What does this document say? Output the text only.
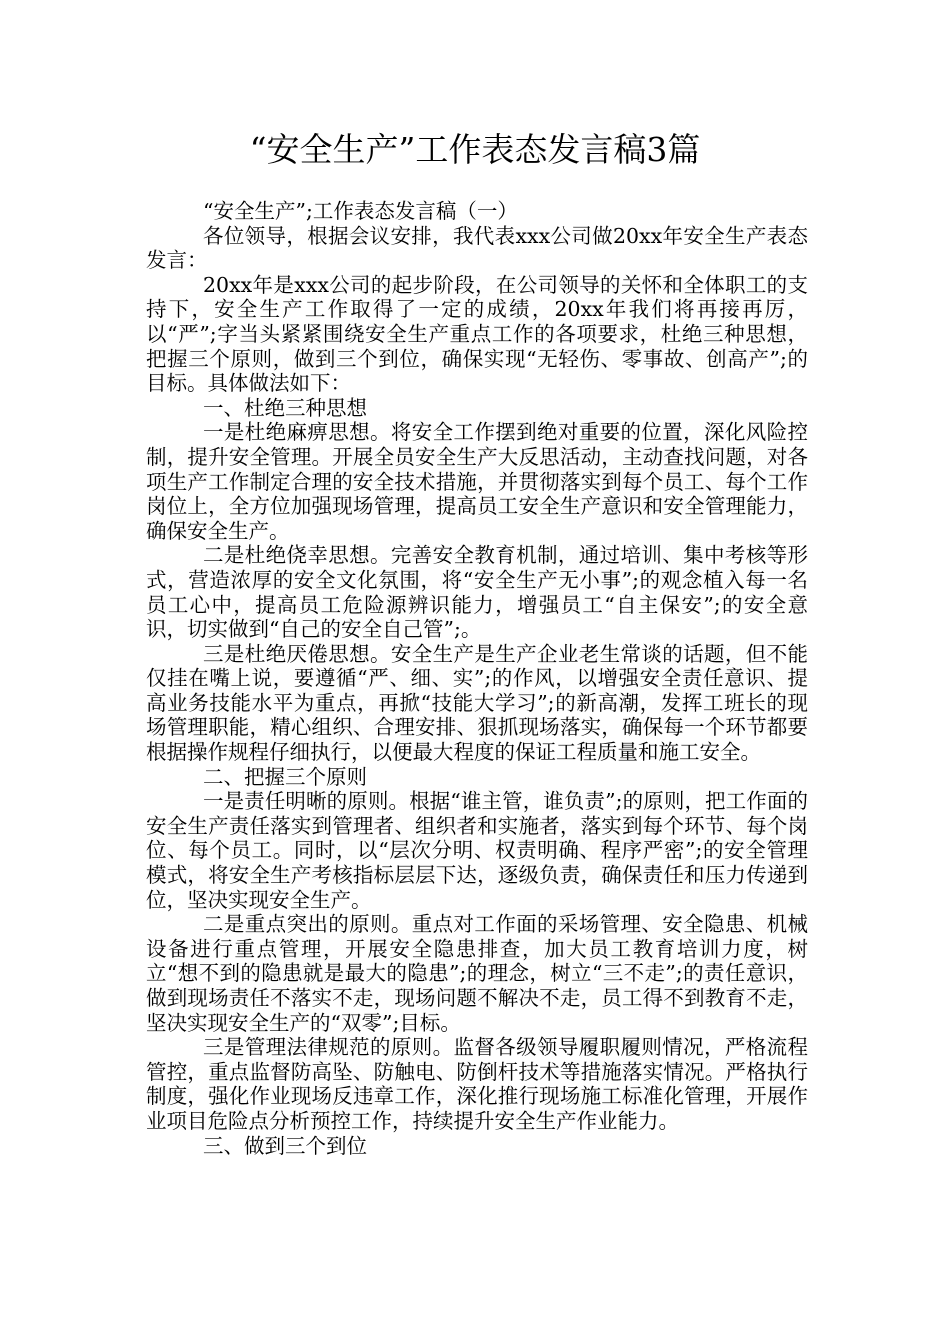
“安全生产”工作表态发言稿3篇

“安全生产”;工作表态发言稿（一）

各位领导，根据会议安排，我代表xxx公司做20xx年安全生产表态发言：

20xx年是xxx公司的起步阶段，在公司领导的关怀和全体职工的支持下，安全生产工作取得了一定的成绩，20xx年我们将再接再厉，以“严”;字当头紧紧围绕安全生产重点工作的各项要求，杜绝三种思想，把握三个原则，做到三个到位，确保实现“无轻伤、零事故、创高产”;的目标。具体做法如下：

一、杜绝三种思想

一是杜绝麻痹思想。将安全工作摆到绝对重要的位置，深化风险控制，提升安全管理。开展全员安全生产大反思活动，主动查找问题，对各项生产工作制定合理的安全技术措施，并贯彻落实到每个员工、每个工作岗位上，全方位加强现场管理，提高员工安全生产意识和安全管理能力，确保安全生产。

二是杜绝侥幸思想。完善安全教育机制，通过培训、集中考核等形式，营造浓厚的安全文化氛围，将“安全生产无小事”;的观念植入每一名员工心中，提高员工危险源辨识能力，增强员工“自主保安”;的安全意识，切实做到“自己的安全自己管”;。

三是杜绝厌倦思想。安全生产是生产企业老生常谈的话题，但不能仅挂在嘴上说，要遵循“严、细、实”;的作风，以增强安全责任意识、提高业务技能水平为重点，再掀“技能大学习”;的新高潮，发挥工班长的现场管理职能，精心组织、合理安排、狠抓现场落实，确保每一个环节都要根据操作规程仔细执行，以便最大程度的保证工程质量和施工安全。

二、把握三个原则

一是责任明晰的原则。根据“谁主管，谁负责”;的原则，把工作面的安全生产责任落实到管理者、组织者和实施者，落实到每个环节、每个岗位、每个员工。同时，以“层次分明、权责明确、程序严密”;的安全管理模式，将安全生产考核指标层层下达，逐级负责，确保责任和压力传递到位，坚决实现安全生产。

二是重点突出的原则。重点对工作面的采场管理、安全隐患、机械设备进行重点管理，开展安全隐患排查，加大员工教育培训力度，树立“想不到的隐患就是最大的隐患”;的理念，树立“三不走”;的责任意识，做到现场责任不落实不走，现场问题不解决不走，员工得不到教育不走，坚决实现安全生产的“双零”;目标。

三是管理法律规范的原则。监督各级领导履职履则情况，严格流程管控，重点监督防高坠、防触电、防倒杆技术等措施落实情况。严格执行制度，强化作业现场反违章工作，深化推行现场施工标准化管理，开展作业项目危险点分析预控工作，持续提升安全生产作业能力。

三、做到三个到位
